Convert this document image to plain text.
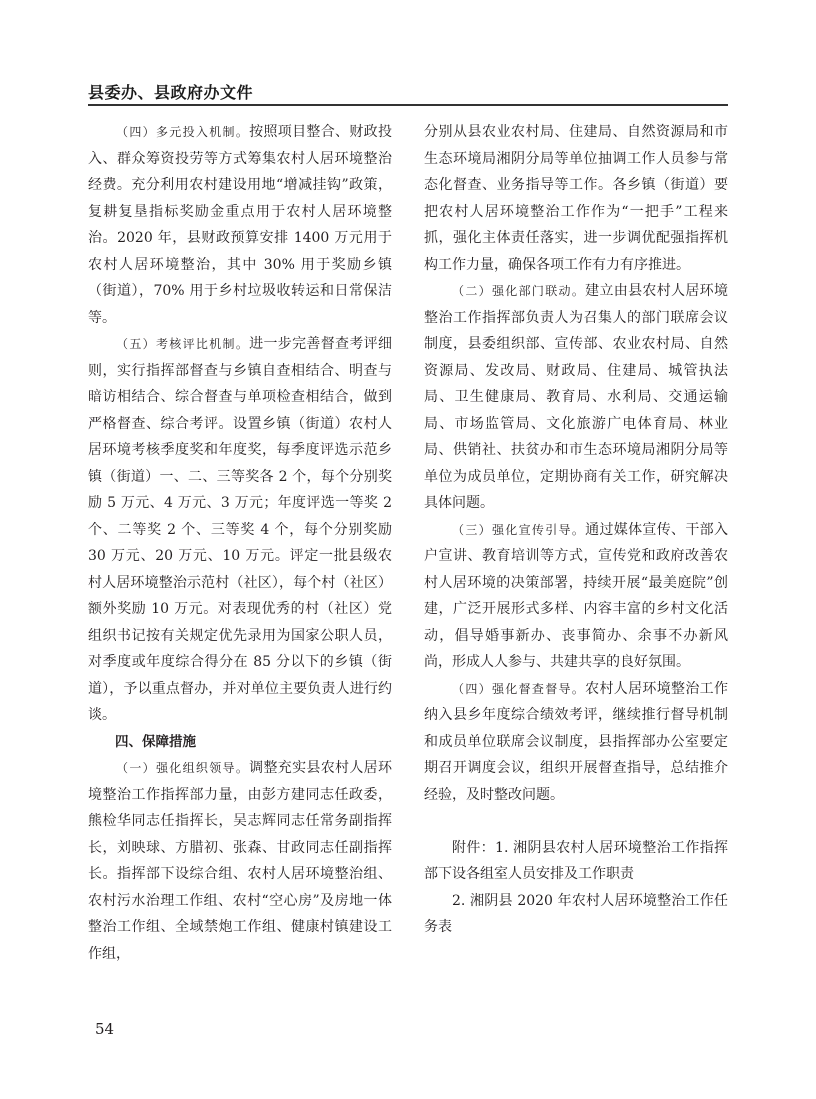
县委办、县政府办文件

（四）多元投入机制。按照项目整合、财政投入、群众筹资投劳等方式筹集农村人居环境整治经费。充分利用农村建设用地“增减挂钩”政策，复耕复垦指标奖励金重点用于农村人居环境整治。2020 年，县财政预算安排 1400 万元用于农村人居环境整治，其中 30% 用于奖励乡镇（街道），70% 用于乡村垃圾收转运和日常保洁等。

（五）考核评比机制。进一步完善督查考评细则，实行指挥部督查与乡镇自查相结合、明查与暗访相结合、综合督查与单项检查相结合，做到严格督查、综合考评。设置乡镇（街道）农村人居环境考核季度奖和年度奖，每季度评选示范乡镇（街道）一、二、三等奖各 2 个，每个分别奖励 5 万元、4 万元、3 万元；年度评选一等奖 2 个、二等奖 2 个、三等奖 4 个，每个分别奖励 30 万元、20 万元、10 万元。评定一批县级农村人居环境整治示范村（社区），每个村（社区）额外奖励 10 万元。对表现优秀的村（社区）党组织书记按有关规定优先录用为国家公职人员，对季度或年度综合得分在 85 分以下的乡镇（街道），予以重点督办，并对单位主要负责人进行约谈。

四、保障措施

（一）强化组织领导。调整充实县农村人居环境整治工作指挥部力量，由彭方建同志任政委，熊检华同志任指挥长，吴志辉同志任常务副指挥长，刘映球、方腊初、张森、甘政同志任副指挥长。指挥部下设综合组、农村人居环境整治组、农村污水治理工作组、农村“空心房”及房地一体整治工作组、全域禁炮工作组、健康村镇建设工作组，

分别从县农业农村局、住建局、自然资源局和市生态环境局湘阴分局等单位抽调工作人员参与常态化督查、业务指导等工作。各乡镇（街道）要把农村人居环境整治工作作为“一把手”工程来抓，强化主体责任落实，进一步调优配强指挥机构工作力量，确保各项工作有力有序推进。

（二）强化部门联动。建立由县农村人居环境整治工作指挥部负责人为召集人的部门联席会议制度，县委组织部、宣传部、农业农村局、自然资源局、发改局、财政局、住建局、城管执法局、卫生健康局、教育局、水利局、交通运输局、市场监管局、文化旅游广电体育局、林业局、供销社、扶贫办和市生态环境局湘阴分局等单位为成员单位，定期协商有关工作，研究解决具体问题。

（三）强化宣传引导。通过媒体宣传、干部入户宣讲、教育培训等方式，宣传党和政府改善农村人居环境的决策部署，持续开展“最美庭院”创建，广泛开展形式多样、内容丰富的乡村文化活动，倡导婚事新办、丧事简办、余事不办新风尚，形成人人参与、共建共享的良好氛围。

（四）强化督查督导。农村人居环境整治工作纳入县乡年度综合绩效考评，继续推行督导机制和成员单位联席会议制度，县指挥部办公室要定期召开调度会议，组织开展督查指导，总结推介经验，及时整改问题。

附件：1. 湘阴县农村人居环境整治工作指挥部下设各组室人员安排及工作职责

2. 湘阴县 2020 年农村人居环境整治工作任务表

54
